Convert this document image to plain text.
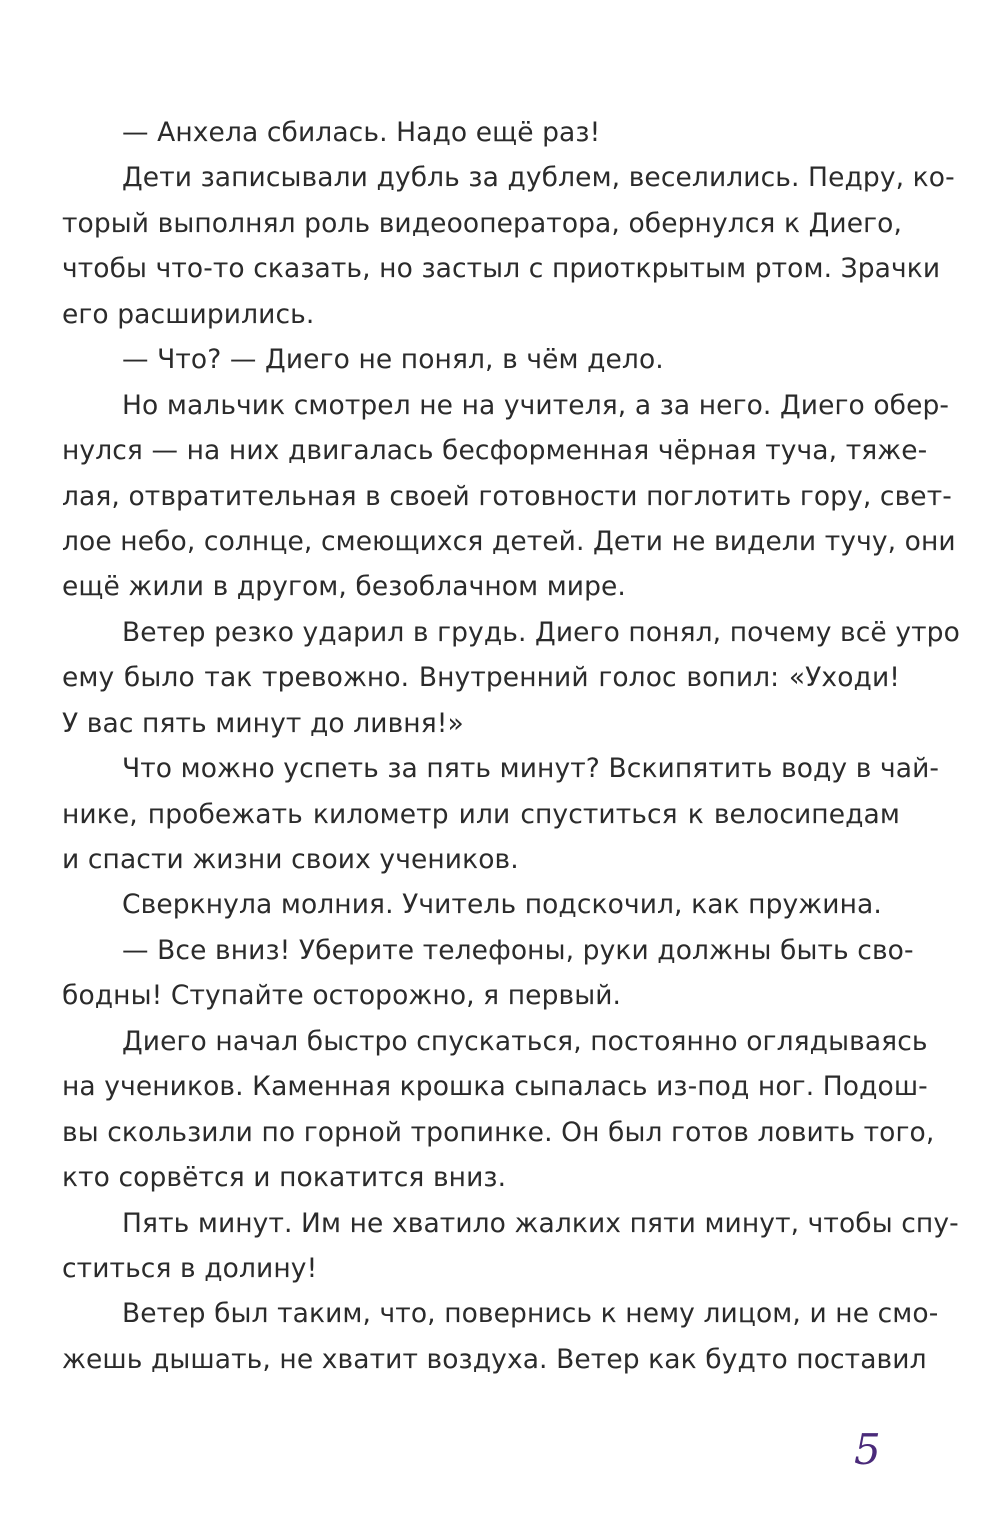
— Анхела сбилась. Надо ещё раз!
Дети записывали дубль за дублем, веселились. Педру, ко-
торый выполнял роль видеооператора, обернулся к Диего,
чтобы что-то сказать, но застыл с приоткрытым ртом. Зрачки
его расширились.
— Что? — Диего не понял, в чём дело.
Но мальчик смотрел не на учителя, а за него. Диего обер-
нулся — на них двигалась бесформенная чёрная туча, тяже-
лая, отвратительная в своей готовности поглотить гору, свет-
лое небо, солнце, смеющихся детей. Дети не видели тучу, они
ещё жили в другом, безоблачном мире.
Ветер резко ударил в грудь. Диего понял, почему всё утро
ему было так тревожно. Внутренний голос вопил: «Уходи!
У вас пять минут до ливня!»
Что можно успеть за пять минут? Вскипятить воду в чай-
нике, пробежать километр или спуститься к велосипедам
и спасти жизни своих учеников.
Сверкнула молния. Учитель подскочил, как пружина.
— Все вниз! Уберите телефоны, руки должны быть сво-
бодны! Ступайте осторожно, я первый.
Диего начал быстро спускаться, постоянно оглядываясь
на учеников. Каменная крошка сыпалась из-под ног. Подош-
вы скользили по горной тропинке. Он был готов ловить того,
кто сорвётся и покатится вниз.
Пять минут. Им не хватило жалких пяти минут, чтобы спу-
ститься в долину!
Ветер был таким, что, повернись к нему лицом, и не смо-
жешь дышать, не хватит воздуха. Ветер как будто поставил
5
